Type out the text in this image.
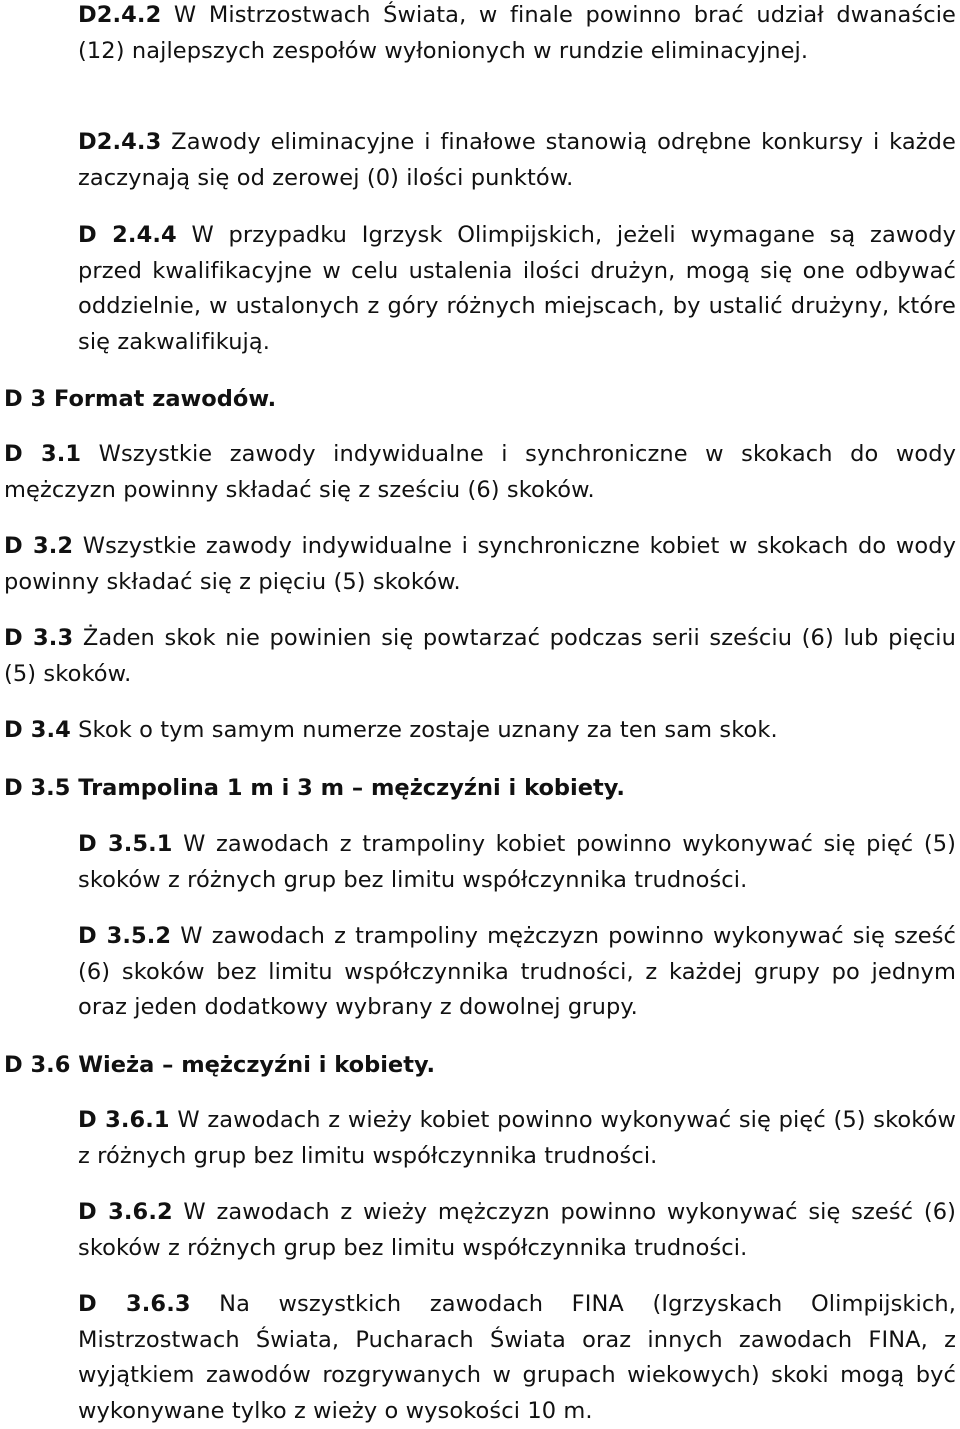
D2.4.2 W Mistrzostwach Świata, w finale powinno brać udział dwanaście (12) najlepszych zespołów wyłonionych w rundzie eliminacyjnej.

D2.4.3 Zawody eliminacyjne i finałowe stanowią odrębne konkursy i każde zaczynają się od zerowej (0) ilości punktów.

D 2.4.4 W przypadku Igrzysk Olimpijskich, jeżeli wymagane są zawody przed kwalifikacyjne w celu ustalenia ilości drużyn, mogą się one odbywać oddzielnie, w ustalonych z góry różnych miejscach, by ustalić drużyny, które się zakwalifikują.

D 3 Format zawodów.

D 3.1 Wszystkie zawody indywidualne i synchroniczne w skokach do wody mężczyzn powinny składać się z sześciu (6) skoków.

D 3.2 Wszystkie zawody indywidualne i synchroniczne kobiet w skokach do wody powinny składać się z pięciu (5) skoków.

D 3.3 Żaden skok nie powinien się powtarzać podczas serii sześciu (6) lub pięciu (5) skoków.

D 3.4 Skok o tym samym numerze zostaje uznany za ten sam skok.

D 3.5 Trampolina 1 m i 3 m – mężczyźni i kobiety.

D 3.5.1 W zawodach z trampoliny kobiet powinno wykonywać się pięć (5) skoków z różnych grup bez limitu współczynnika trudności.

D 3.5.2 W zawodach z trampoliny mężczyzn powinno wykonywać się sześć (6) skoków bez limitu współczynnika trudności, z każdej grupy po jednym oraz jeden dodatkowy wybrany z dowolnej grupy.

D 3.6 Wieża – mężczyźni i kobiety.

D 3.6.1 W zawodach z wieży kobiet powinno wykonywać się pięć (5) skoków z różnych grup bez limitu współczynnika trudności.

D 3.6.2 W zawodach z wieży mężczyzn powinno wykonywać się sześć (6) skoków z różnych grup bez limitu współczynnika trudności.

D 3.6.3 Na wszystkich zawodach FINA (Igrzyskach Olimpijskich, Mistrzostwach Świata, Pucharach Świata oraz innych zawodach FINA, z wyjątkiem zawodów rozgrywanych w grupach wiekowych) skoki mogą być wykonywane tylko z wieży o wysokości 10 m.
